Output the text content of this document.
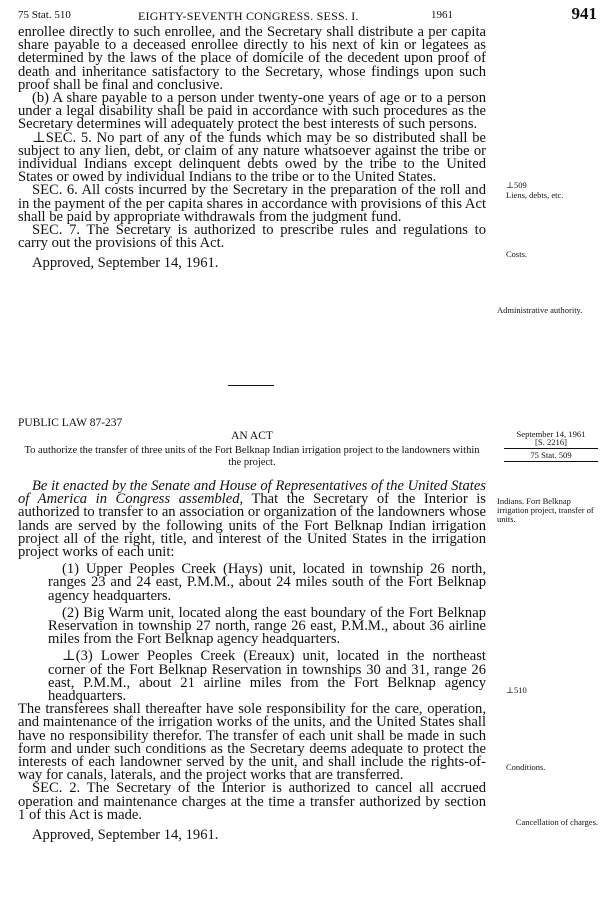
75 Stat. 510	EIGHTY-SEVENTH CONGRESS. SESS. I.	1961	941

enrollee directly to such enrollee, and the Secretary shall distribute a per capita share payable to a deceased enrollee directly to his next of kin or legatees as determined by the laws of the place of domicile of the decedent upon proof of death and inheritance satisfactory to the Secretary, whose findings upon such proof shall be final and conclusive.

(b) A share payable to a person under twenty-one years of age or to a person under a legal disability shall be paid in accordance with such procedures as the Secretary determines will adequately protect the best interests of such persons.

⊥SEC. 5. No part of any of the funds which may be so distributed shall be subject to any lien, debt, or claim of any nature whatsoever against the tribe or individual Indians except delinquent debts owed by the tribe to the United States or owed by individual Indians to the tribe or to the United States.

SEC. 6. All costs incurred by the Secretary in the preparation of the roll and in the payment of the per capita shares in accordance with provisions of this Act shall be paid by appropriate withdrawals from the judgment fund.

SEC. 7. The Secretary is authorized to prescribe rules and regulations to carry out the provisions of this Act.

Approved, September 14, 1961.

⊥509
Liens, debts, etc.
Costs.
Administrative authority.
PUBLIC LAW 87-237
AN ACT
To authorize the transfer of three units of the Fort Belknap Indian irrigation project to the landowners within the project.
September 14, 1961
[S. 2216]
75 Stat. 509

Be it enacted by the Senate and House of Representatives of the United States of America in Congress assembled, That the Secretary of the Interior is authorized to transfer to an association or organization of the landowners whose lands are served by the following units of the Fort Belknap Indian irrigation project all of the right, title, and interest of the United States in the irrigation project works of each unit:

(1) Upper Peoples Creek (Hays) unit, located in township 26 north, ranges 23 and 24 east, P.M.M., about 24 miles south of the Fort Belknap agency headquarters.

(2) Big Warm unit, located along the east boundary of the Fort Belknap Reservation in township 27 north, range 26 east, P.M.M., about 36 airline miles from the Fort Belknap agency headquarters.

⊥(3) Lower Peoples Creek (Ereaux) unit, located in the northeast corner of the Fort Belknap Reservation in townships 30 and 31, range 26 east, P.M.M., about 21 airline miles from the Fort Belknap agency headquarters.

The transferees shall thereafter have sole responsibility for the care, operation, and maintenance of the irrigation works of the units, and the United States shall have no responsibility therefor. The transfer of each unit shall be made in such form and under such conditions as the Secretary deems adequate to protect the interests of each landowner served by the unit, and shall include the rights-of-way for canals, laterals, and the project works that are transferred.

SEC. 2. The Secretary of the Interior is authorized to cancel all accrued operation and maintenance charges at the time a transfer authorized by section 1 of this Act is made.

Approved, September 14, 1961.

Indians. Fort Belknap irrigation project, transfer of units.
⊥510
Conditions.
Cancellation of charges.
